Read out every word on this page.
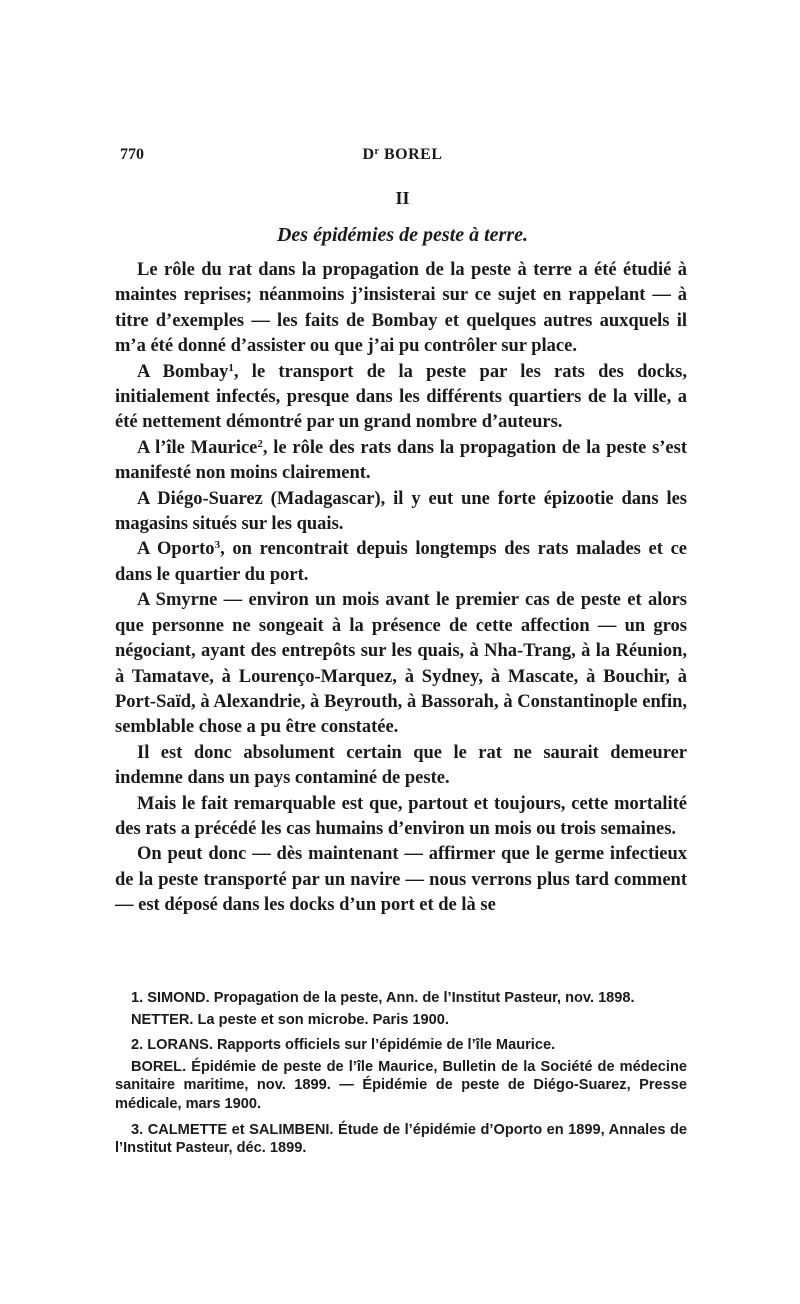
770	$D^r$ BOREL
II
Des épidémies de peste à terre.

Le rôle du rat dans la propagation de la peste à terre a été étudié à maintes reprises; néanmoins j’insisterai sur ce sujet en rappelant — à titre d’exemples — les faits de Bombay et quelques autres auxquels il m’a été donné d’assister ou que j’ai pu contrôler sur place.

A Bombay$^1$, le transport de la peste par les rats des docks, initialement infectés, presque dans les différents quartiers de la ville, a été nettement démontré par un grand nombre d’auteurs.

A l’île Maurice$^2$, le rôle des rats dans la propagation de la peste s’est manifesté non moins clairement.

A Diégo-Suarez (Madagascar), il y eut une forte épizootie dans les magasins situés sur les quais.

A Oporto$^3$, on rencontrait depuis longtemps des rats malades et ce dans le quartier du port.

A Smyrne — environ un mois avant le premier cas de peste et alors que personne ne songeait à la présence de cette affection — un gros négociant, ayant des entrepôts sur les quais, à Nha-Trang, à la Réunion, à Tamatave, à Lourenço-Marquez, à Sydney, à Mascate, à Bouchir, à Port-Saïd, à Alexandrie, à Beyrouth, à Bassorah, à Constantinople enfin, semblable chose a pu être constatée.

Il est donc absolument certain que le rat ne saurait demeurer indemne dans un pays contaminé de peste.

Mais le fait remarquable est que, partout et toujours, cette mortalité des rats a précédé les cas humains d’environ un mois ou trois semaines.

On peut donc — dès maintenant — affirmer que le germe infectieux de la peste transporté par un navire — nous verrons plus tard comment — est déposé dans les docks d’un port et de là se

1. SIMOND. Propagation de la peste, Ann. de l’Institut Pasteur, nov. 1898.

NETTER. La peste et son microbe. Paris 1900.

2. LORANS. Rapports officiels sur l’épidémie de l’île Maurice.

BOREL. Épidémie de peste de l’île Maurice, Bulletin de la Société de médecine sanitaire maritime, nov. 1899. — Épidémie de peste de Diégo-Suarez, Presse médicale, mars 1900.

3. CALMETTE et SALIMBENI. Étude de l’épidémie d’Oporto en 1899, Annales de l’Institut Pasteur, déc. 1899.
